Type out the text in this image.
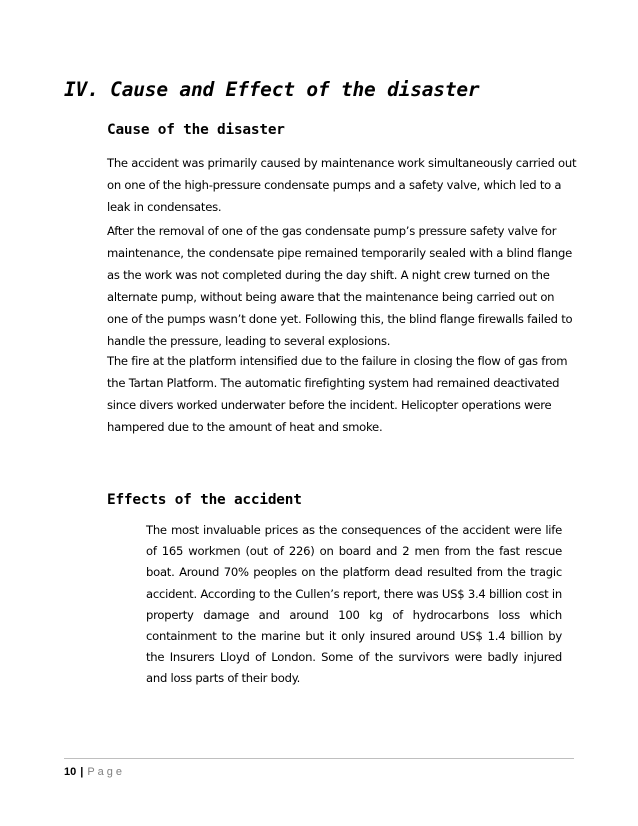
IV. Cause and Effect of the disaster
Cause of the disaster

The accident was primarily caused by maintenance work simultaneously carried out on one of the high-pressure condensate pumps and a safety valve, which led to a leak in condensates.

After the removal of one of the gas condensate pump’s pressure safety valve for maintenance, the condensate pipe remained temporarily sealed with a blind flange as the work was not completed during the day shift. A night crew turned on the alternate pump, without being aware that the maintenance being carried out on one of the pumps wasn’t done yet. Following this, the blind flange firewalls failed to handle the pressure, leading to several explosions.

The fire at the platform intensified due to the failure in closing the flow of gas from the Tartan Platform. The automatic firefighting system had remained deactivated since divers worked underwater before the incident. Helicopter operations were hampered due to the amount of heat and smoke.

Effects of the accident

The most invaluable prices as the consequences of the accident were life of 165 workmen (out of 226) on board and 2 men from the fast rescue boat. Around 70% peoples on the platform dead resulted from the tragic accident. According to the Cullen’s report, there was US$ 3.4 billion cost in property damage and around 100 kg of hydrocarbons loss which containment to the marine but it only insured around US$ 1.4 billion by the Insurers Lloyd of London. Some of the survivors were badly injured and loss parts of their body.

10 | Page
